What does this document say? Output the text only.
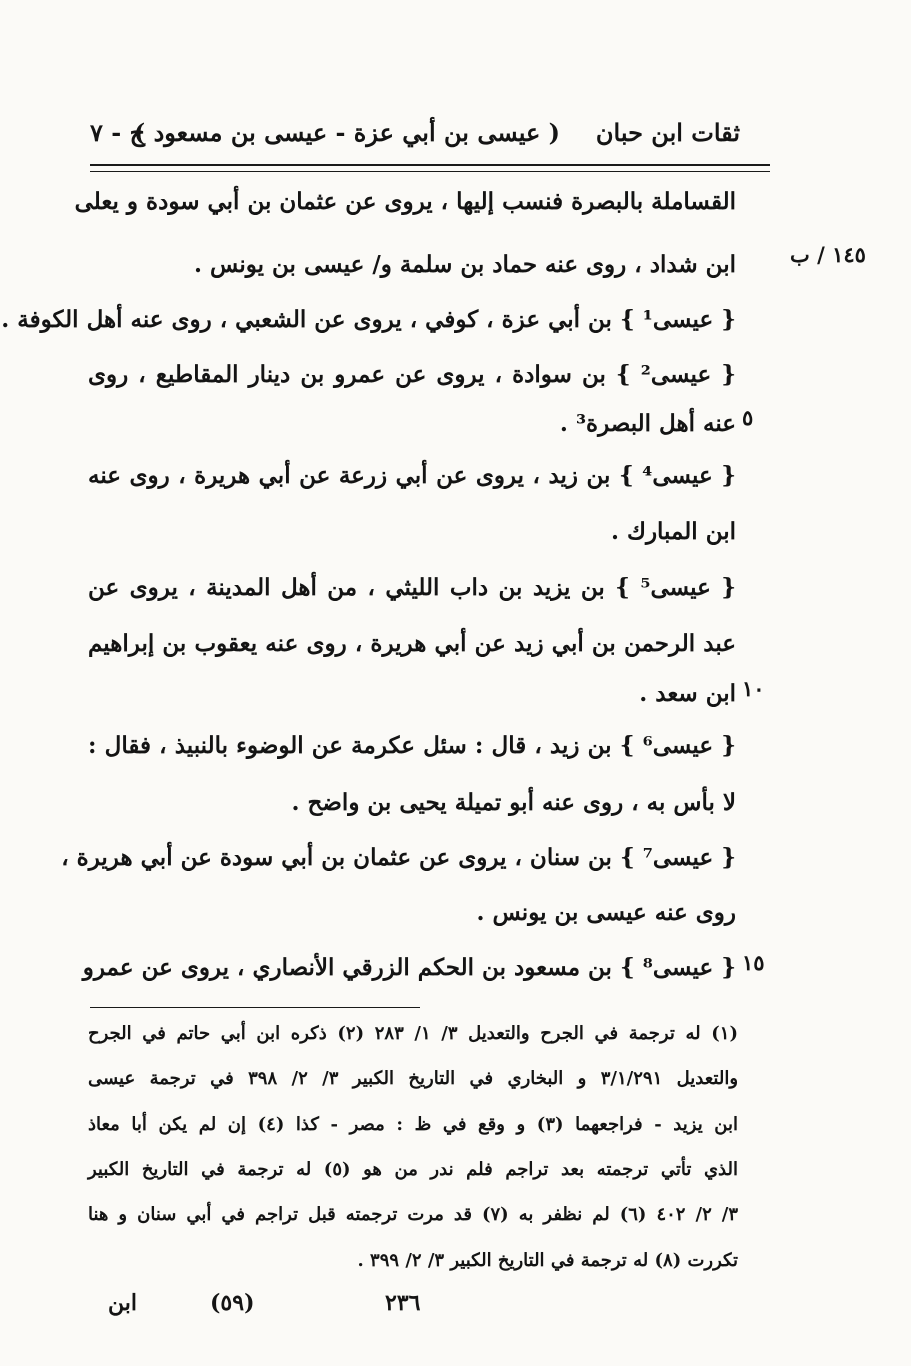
ثقات ابن حبان
( عيسى بن أبي عزة - عيسى بن مسعود )
ج - ٧
١٤٥ / ب
٥
١٠
١٥
القساملة بالبصرة فنسب إليها ، يروى عن عثمان بن أبي سودة و يعلى
ابن شداد ، روى عنه حماد بن سلمة و/ عيسى بن يونس .
{ عيسى¹ } بن أبي عزة ، كوفي ، يروى عن الشعبي ، روى عنه أهل الكوفة .
{ عيسى² } بن سوادة ، يروى عن عمرو بن دينار المقاطيع ، روى
عنه أهل البصرة³ .
{ عيسى⁴ } بن زيد ، يروى عن أبي زرعة عن أبي هريرة ، روى عنه
ابن المبارك .
{ عيسى⁵ } بن يزيد بن داب الليثي ، من أهل المدينة ، يروى عن
عبد الرحمن بن أبي زيد عن أبي هريرة ، روى عنه يعقوب بن إبراهيم
ابن سعد .
{ عيسى⁶ } بن زيد ، قال : سئل عكرمة عن الوضوء بالنبيذ ، فقال :
لا بأس به ، روى عنه أبو تميلة يحيى بن واضح .
{ عيسى⁷ } بن سنان ، يروى عن عثمان بن أبي سودة عن أبي هريرة ،
روى عنه عيسى بن يونس .
{ عيسى⁸ } بن مسعود بن الحكم الزرقي الأنصاري ، يروى عن عمرو
(١) له ترجمة في الجرح والتعديل ٣/ ١/ ٢٨٣ (٢) ذكره ابن أبي حاتم في الجرح
والتعديل ٣/١/٢٩١ و البخاري في التاريخ الكبير ٣/ ٢/ ٣٩٨ في ترجمة عيسى
ابن يزيد - فراجعهما (٣) و وقع في ظ : مصر - كذا (٤) إن لم يكن أبا معاذ
الذي تأتي ترجمته بعد تراجم فلم ندر من هو (٥) له ترجمة في التاريخ الكبير
٣/ ٢/ ٤٠٢ (٦) لم نظفر به (٧) قد مرت ترجمته قبل تراجم في أبي سنان و هنا
تكررت (٨) له ترجمة في التاريخ الكبير ٣/ ٢/ ٣٩٩ .
٢٣٦
(٥٩)
ابن
